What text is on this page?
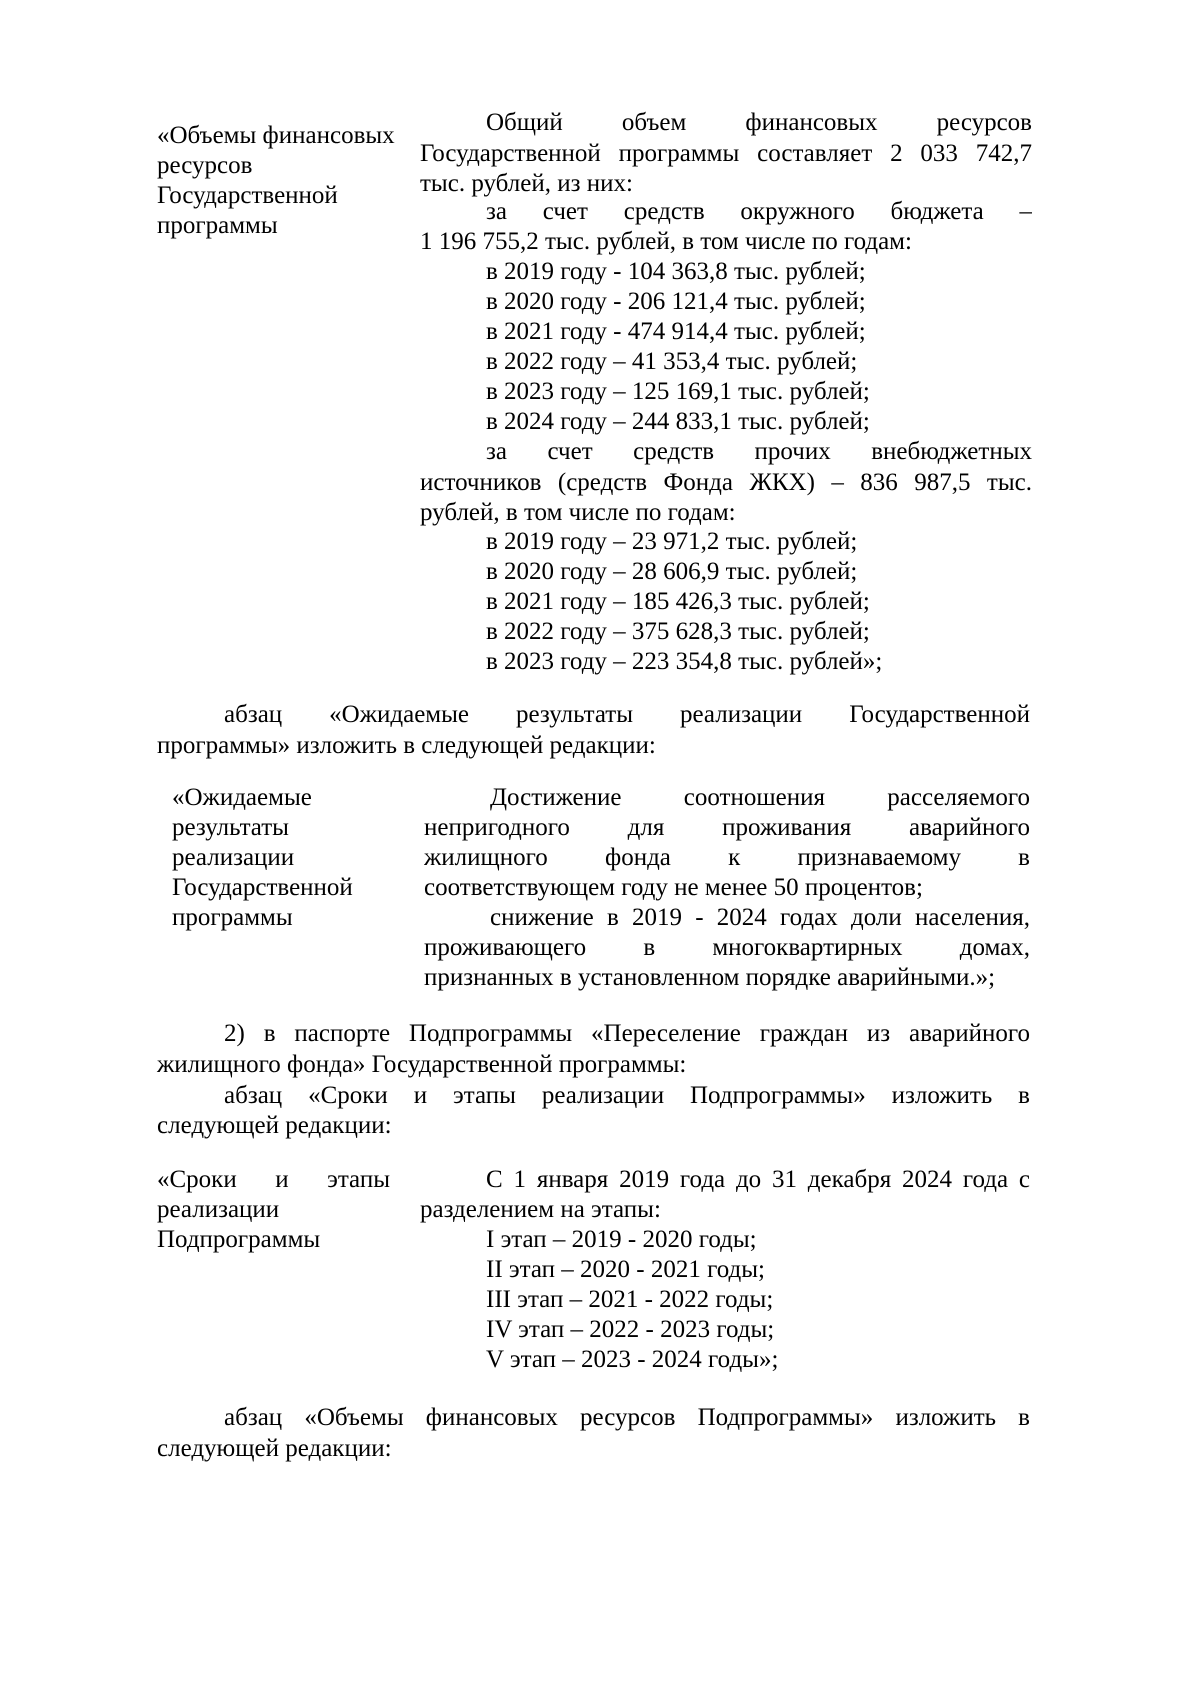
«Объемы финансовых
ресурсов
Государственной
программы
Общий объем финансовых ресурсов
Государственной программы составляет 2 033 742,7
тыс. рублей, из них:
за счет средств окружного бюджета –
1 196 755,2 тыс. рублей, в том числе по годам:
в 2019 году - 104 363,8 тыс. рублей;
в 2020 году - 206 121,4 тыс. рублей;
в 2021 году - 474 914,4 тыс. рублей;
в 2022 году – 41 353,4 тыс. рублей;
в 2023 году – 125 169,1 тыс. рублей;
в 2024 году – 244 833,1 тыс. рублей;
за счет средств прочих внебюджетных
источников (средств Фонда ЖКХ) – 836 987,5 тыс.
рублей, в том числе по годам:
в 2019 году – 23 971,2 тыс. рублей;
в 2020 году – 28 606,9 тыс. рублей;
в 2021 году – 185 426,3 тыс. рублей;
в 2022 году – 375 628,3 тыс. рублей;
в 2023 году – 223 354,8 тыс. рублей»;
абзац «Ожидаемые результаты реализации Государственной
программы» изложить в следующей редакции:
«Ожидаемые
результаты
реализации
Государственной
программы
Достижение соотношения расселяемого
непригодного для проживания аварийного
жилищного фонда к признаваемому в
соответствующем году не менее 50 процентов;
снижение в 2019 - 2024 годах доли населения,
проживающего в многоквартирных домах,
признанных в установленном порядке аварийными.»;
2) в паспорте Подпрограммы «Переселение граждан из аварийного
жилищного фонда» Государственной программы:
абзац «Сроки и этапы реализации Подпрограммы» изложить в
следующей редакции:
«Сроки и этапы
реализации
Подпрограммы
С 1 января 2019 года до 31 декабря 2024 года с
разделением на этапы:
I этап – 2019 - 2020 годы;
II этап – 2020 - 2021 годы;
III этап – 2021 - 2022 годы;
IV этап – 2022 - 2023 годы;
V этап – 2023 - 2024 годы»;
абзац «Объемы финансовых ресурсов Подпрограммы» изложить в
следующей редакции:
